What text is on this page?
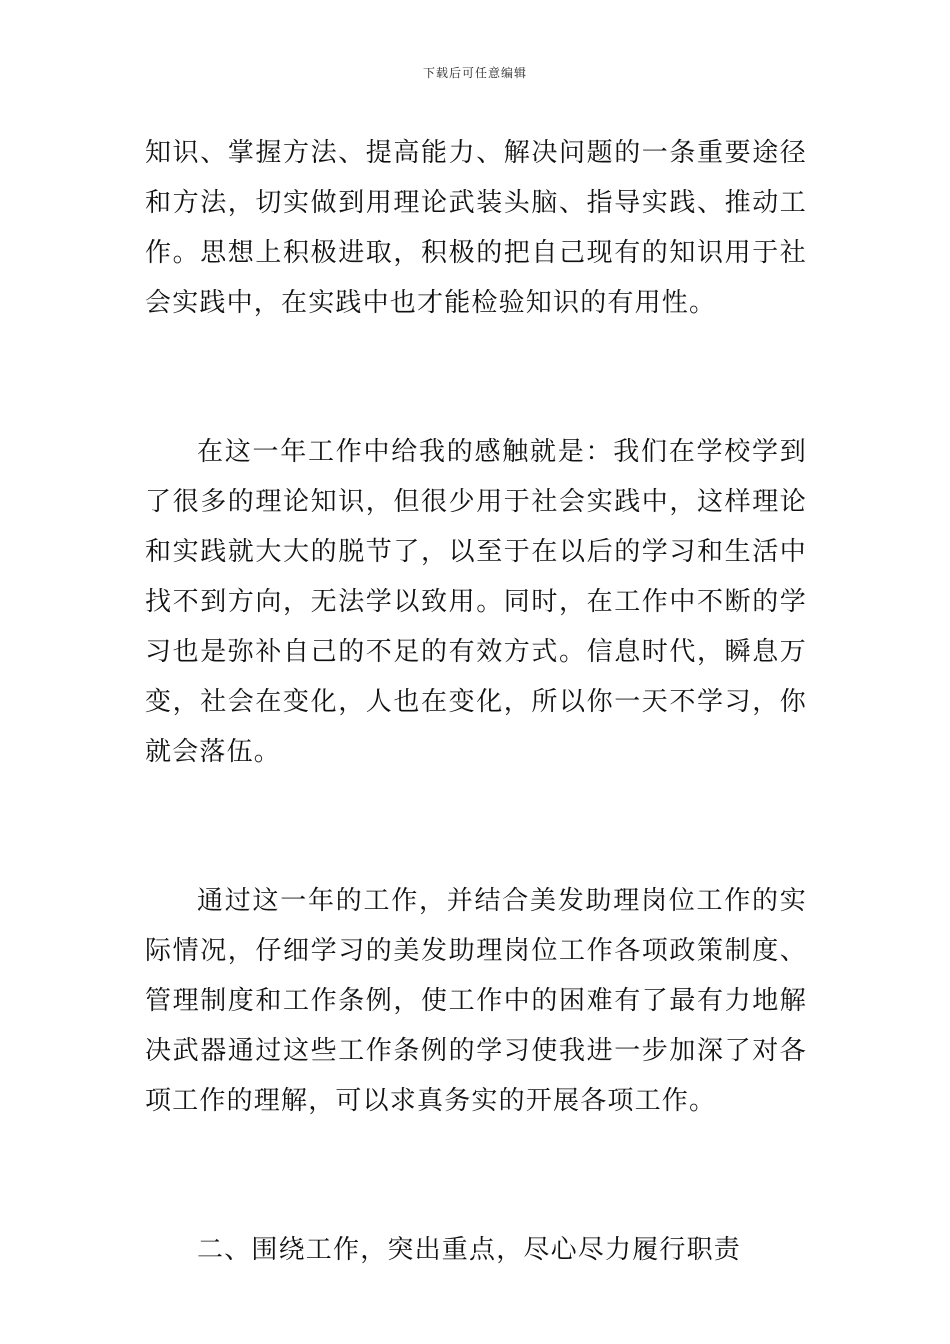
下载后可任意编辑

知识、掌握方法、提高能力、解决问题的一条重要途径和方法，切实做到用理论武装头脑、指导实践、推动工作。思想上积极进取，积极的把自己现有的知识用于社会实践中，在实践中也才能检验知识的有用性。

在这一年工作中给我的感触就是：我们在学校学到了很多的理论知识，但很少用于社会实践中，这样理论和实践就大大的脱节了，以至于在以后的学习和生活中找不到方向，无法学以致用。同时，在工作中不断的学习也是弥补自己的不足的有效方式。信息时代，瞬息万变，社会在变化，人也在变化，所以你一天不学习，你就会落伍。

通过这一年的工作，并结合美发助理岗位工作的实际情况，仔细学习的美发助理岗位工作各项政策制度、管理制度和工作条例，使工作中的困难有了最有力地解决武器通过这些工作条例的学习使我进一步加深了对各项工作的理解，可以求真务实的开展各项工作。

二、围绕工作，突出重点，尽心尽力履行职责
